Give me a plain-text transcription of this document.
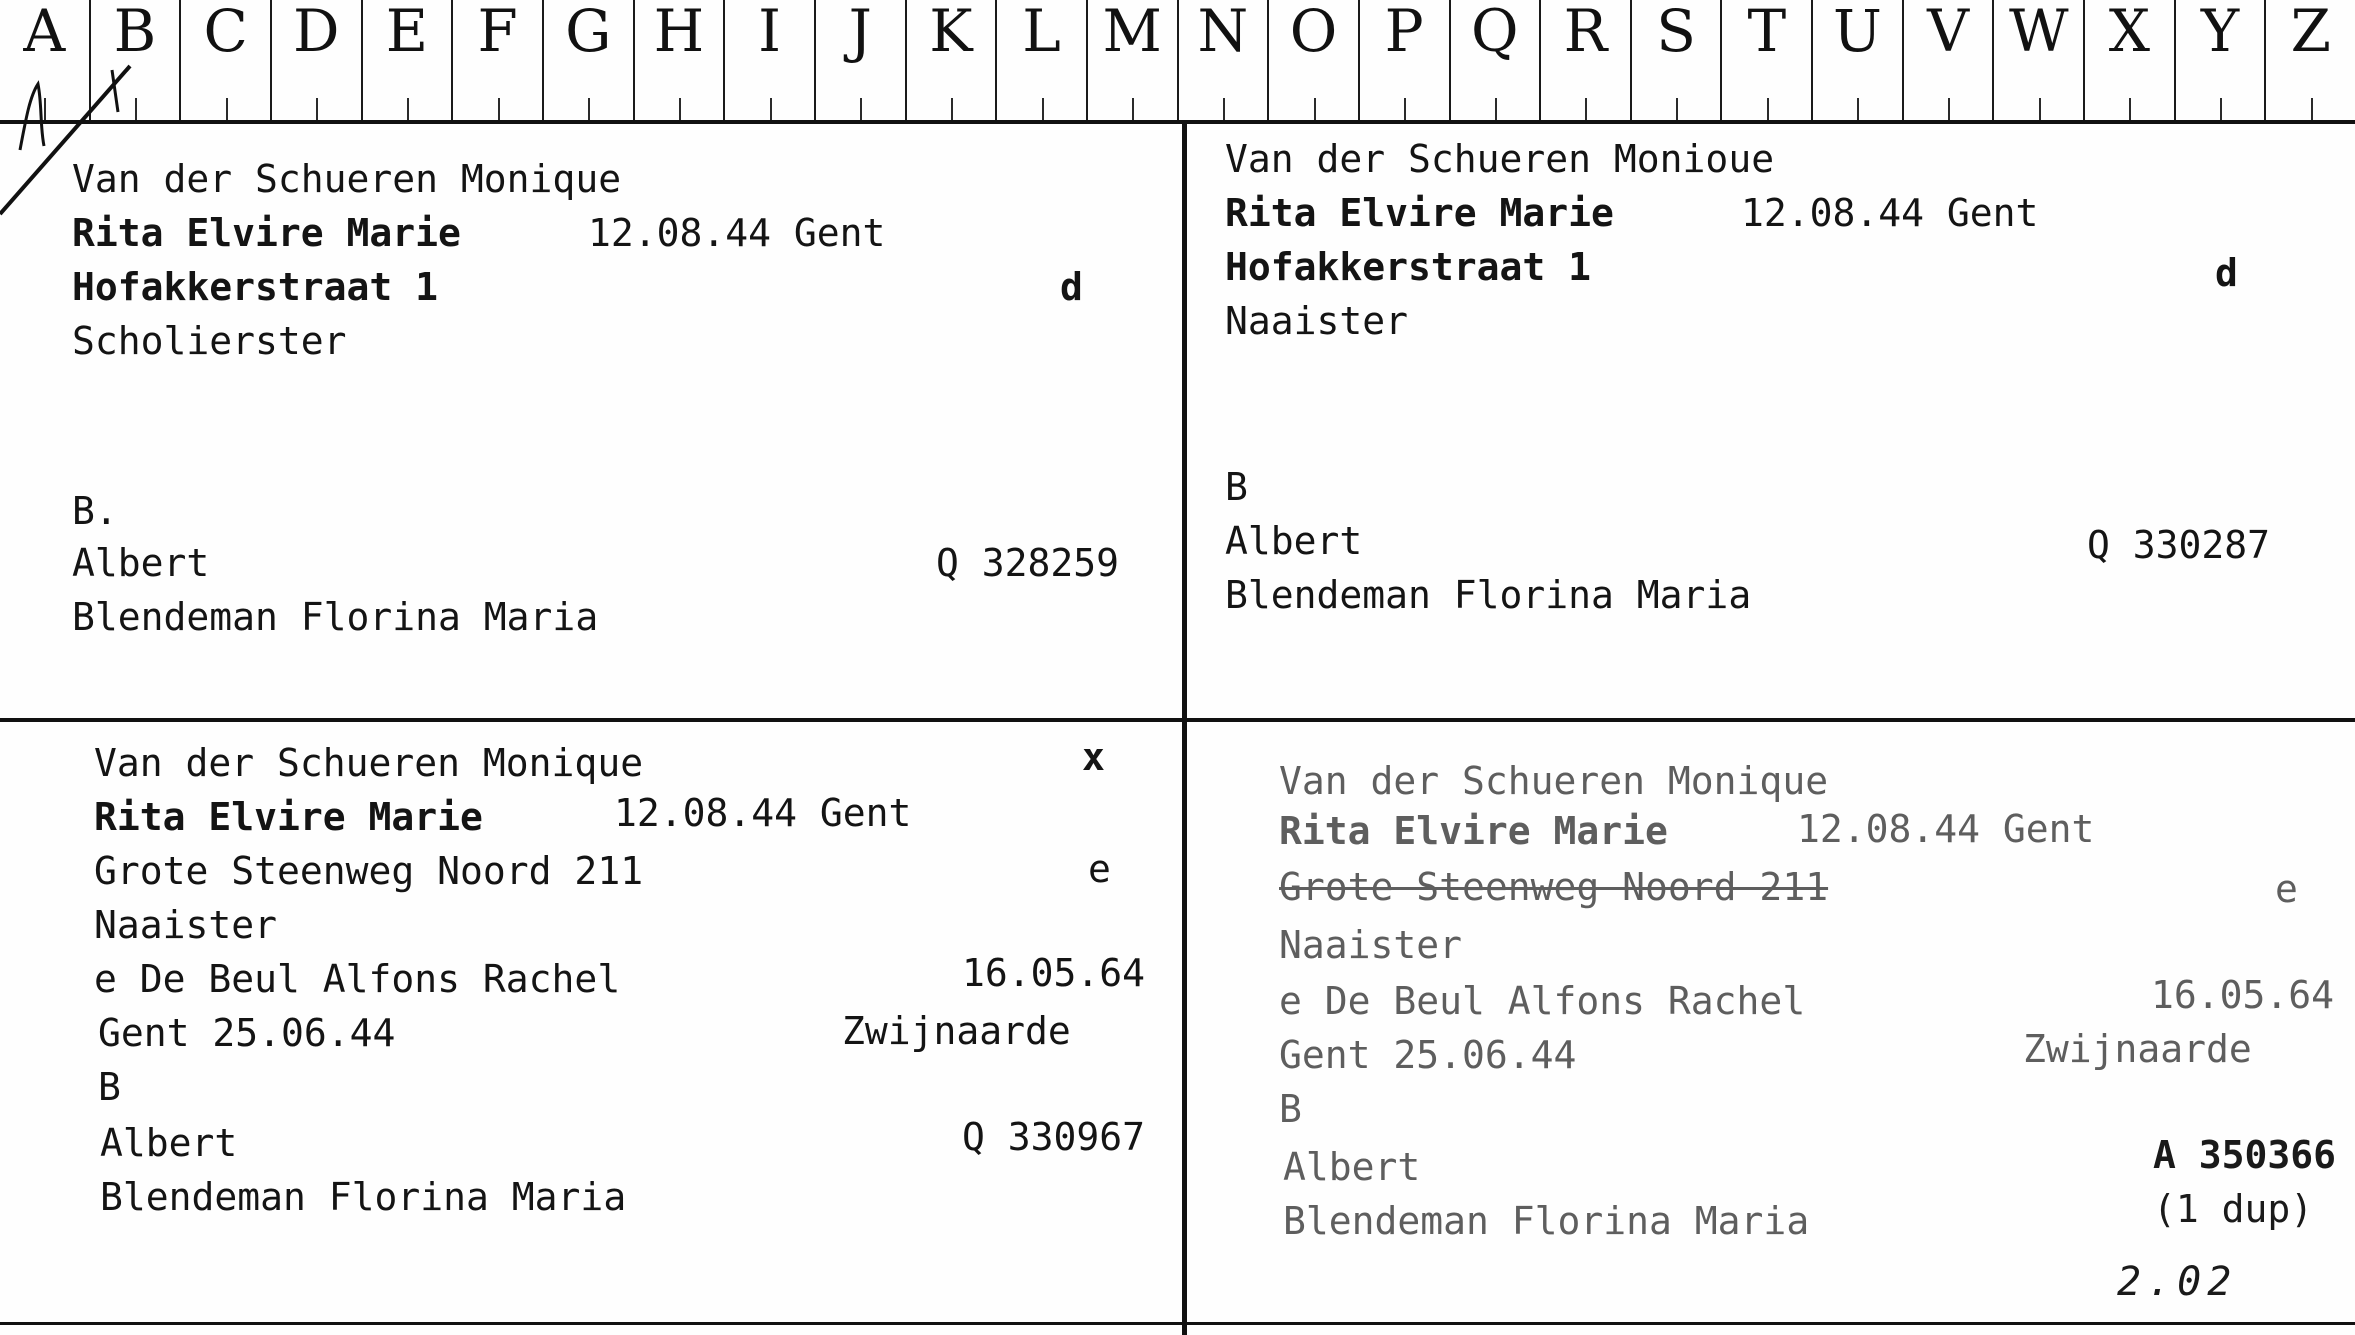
A B C D E F G H I	J K L M N O P Q R S T U V W X Y Z
Van der Schueren Monique
Rita Elvire Marie	12.08.44 Gent
Hofakkerstraat 1	d
Scholierster
B.
Albert	Q 328259
Blendeman Florina Maria
Van der Schueren Monioue
Rita Elvire Marie	12.08.44 Gent
Hofakkerstraat 1	d
Naaister
B
Albert	Q 330287
Blendeman Florina Maria
Van der Schueren Monique	x
Rita Elvire Marie	12.08.44 Gent
Grote Steenweg Noord 211	e
Naaister
e De Beul Alfons Rachel	16.05.64
Gent 25.06.44	Zwijnaarde
B
Albert	Q 330967
Blendeman Florina Maria
Van der Schueren Monique
Rita Elvire Marie	12.08.44 Gent
Grote Steenweg Noord 211	e
Naaister
e De Beul Alfons Rachel	16.05.64
Gent 25.06.44	Zwijnaarde
B
Albert	A 350366
(1 dup)
Blendeman Florina Maria
2.02
